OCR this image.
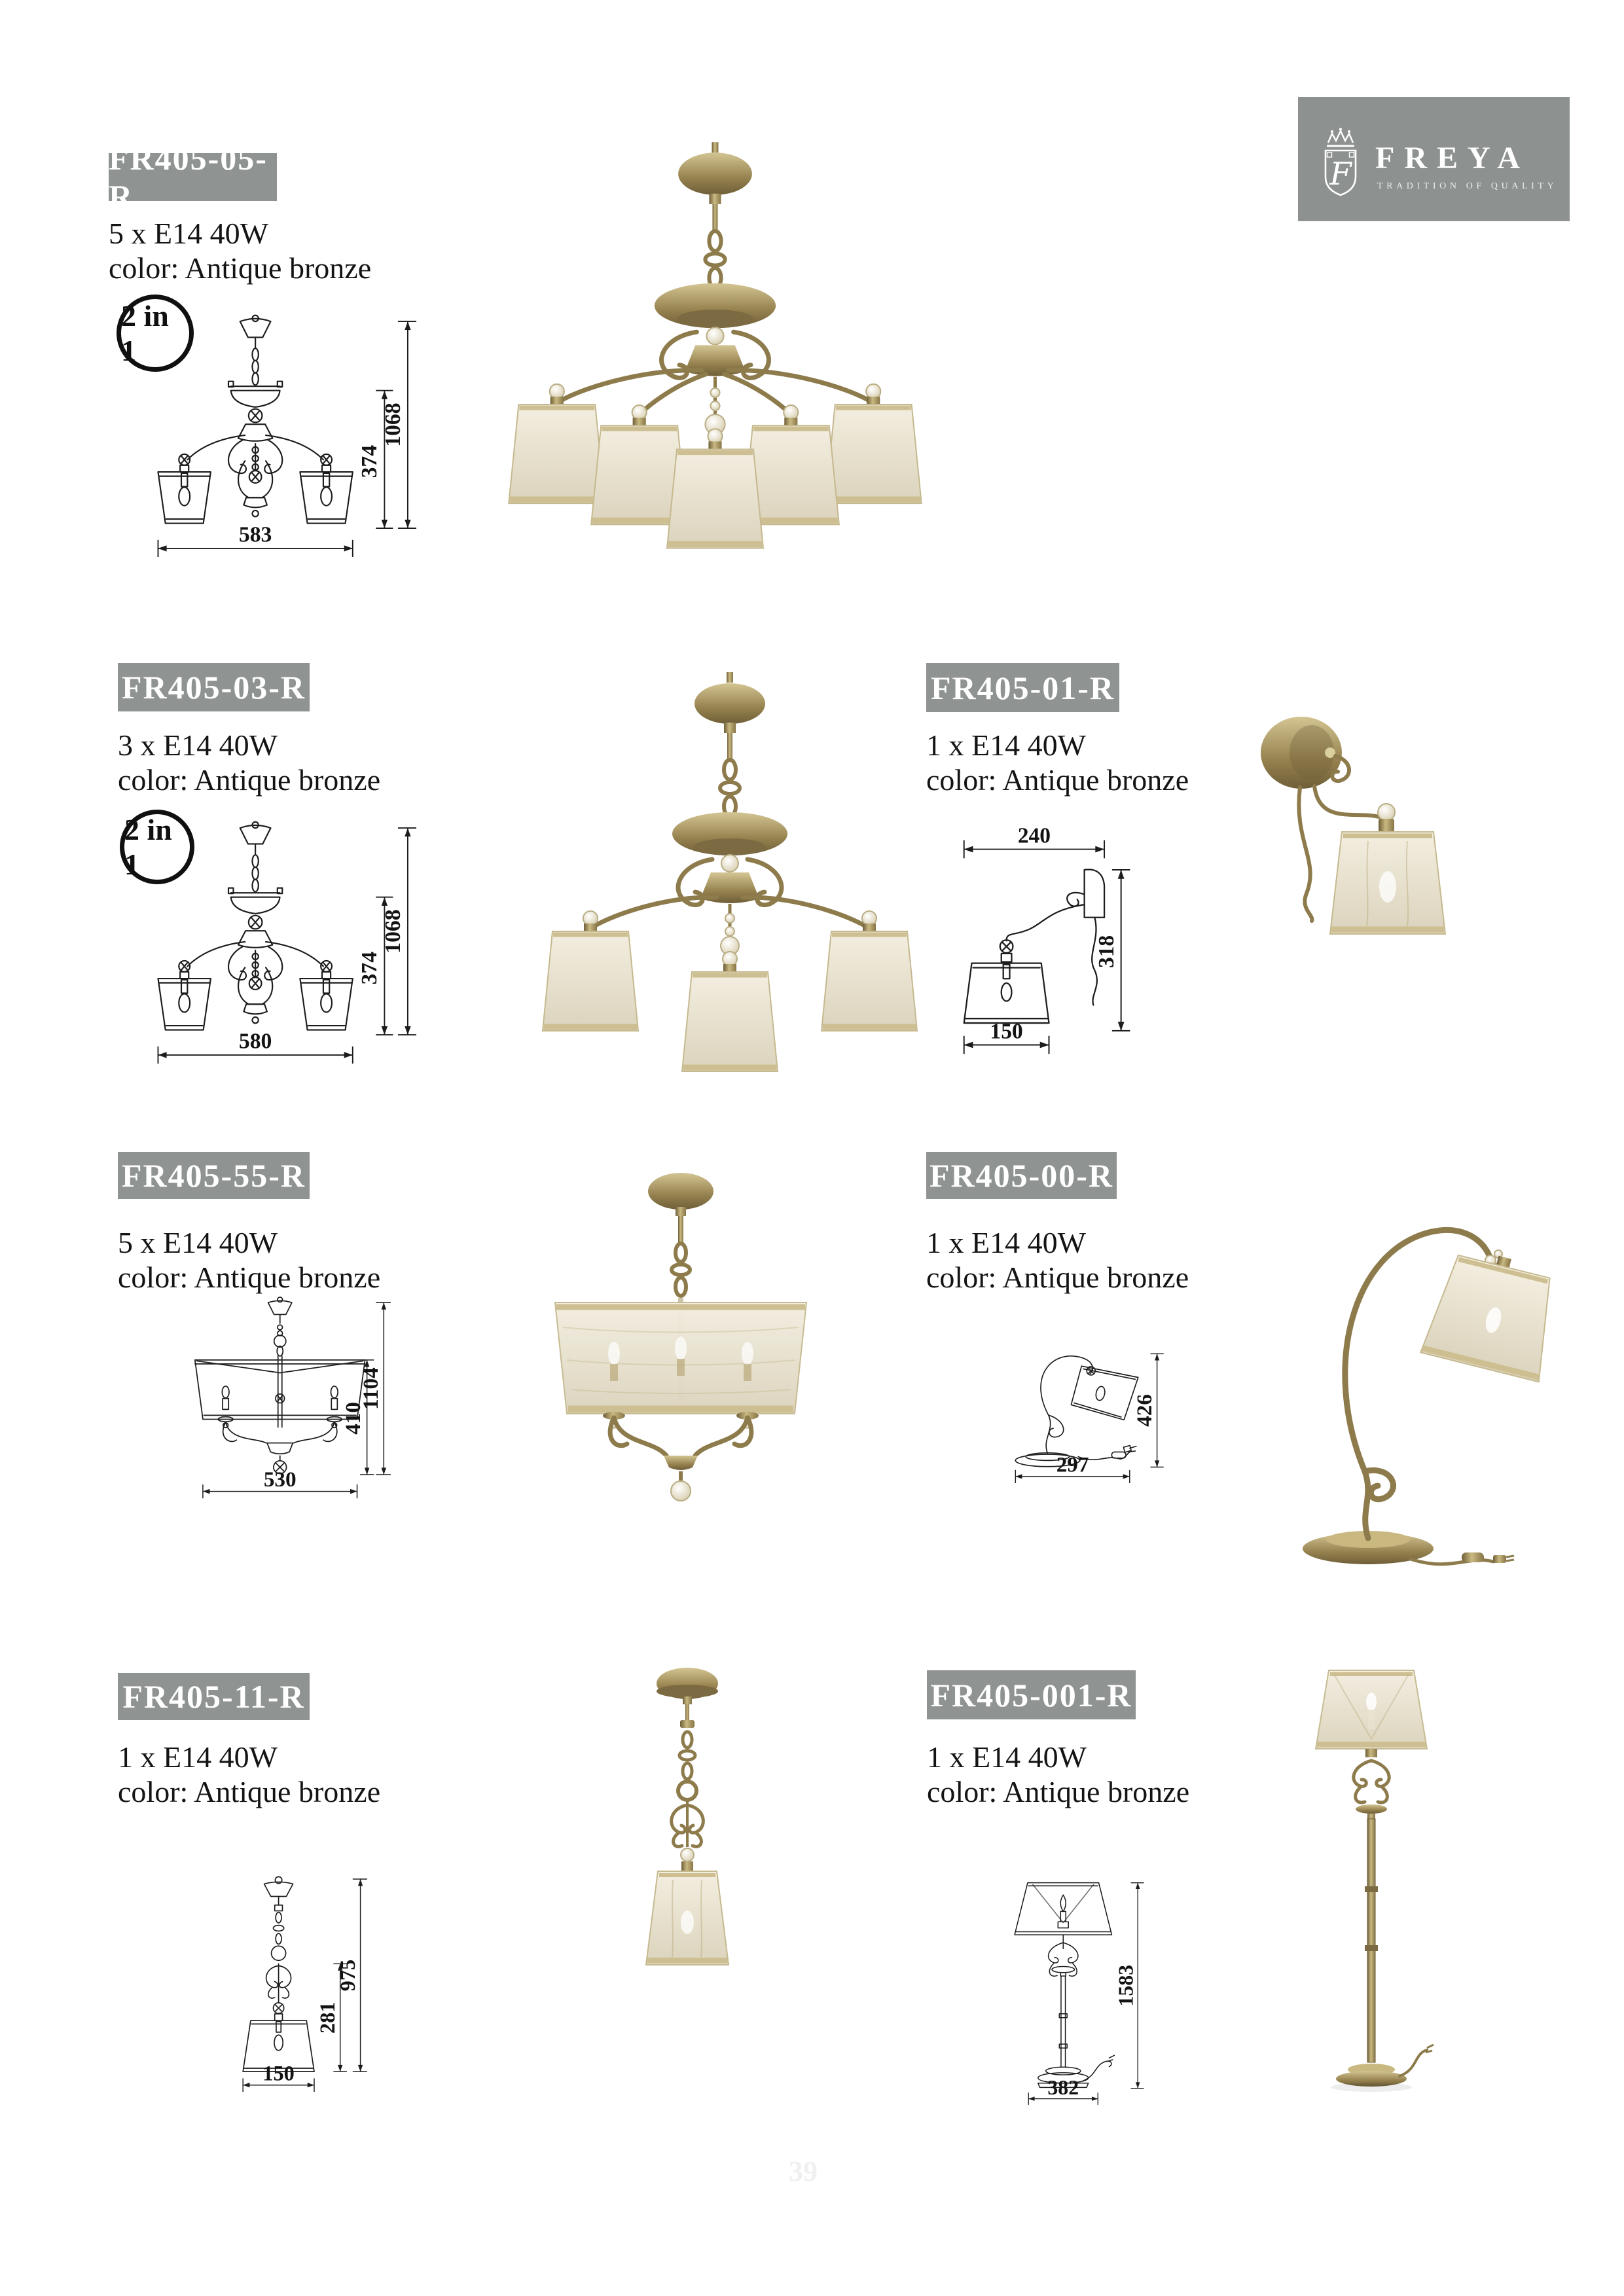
F FREYA
TRADITION OF QUALITY
FR405-05-R
5 x E14 40W
color: Antique bronze
2 in 1
1068
374
583
FR405-03-R
3 x E14 40W
color: Antique bronze
2 in 1
1068
374
580
FR405-01-R
1 x E14 40W
color: Antique bronze
240
318
150
FR405-55-R
5 x E14 40W
color: Antique bronze
1104
410
530
FR405-00-R
1 x E14 40W
color: Antique bronze
426
297
FR405-11-R
1 x E14 40W
color: Antique bronze
975
281
150
FR405-001-R
1 x E14 40W
color: Antique bronze
1583
382
39
